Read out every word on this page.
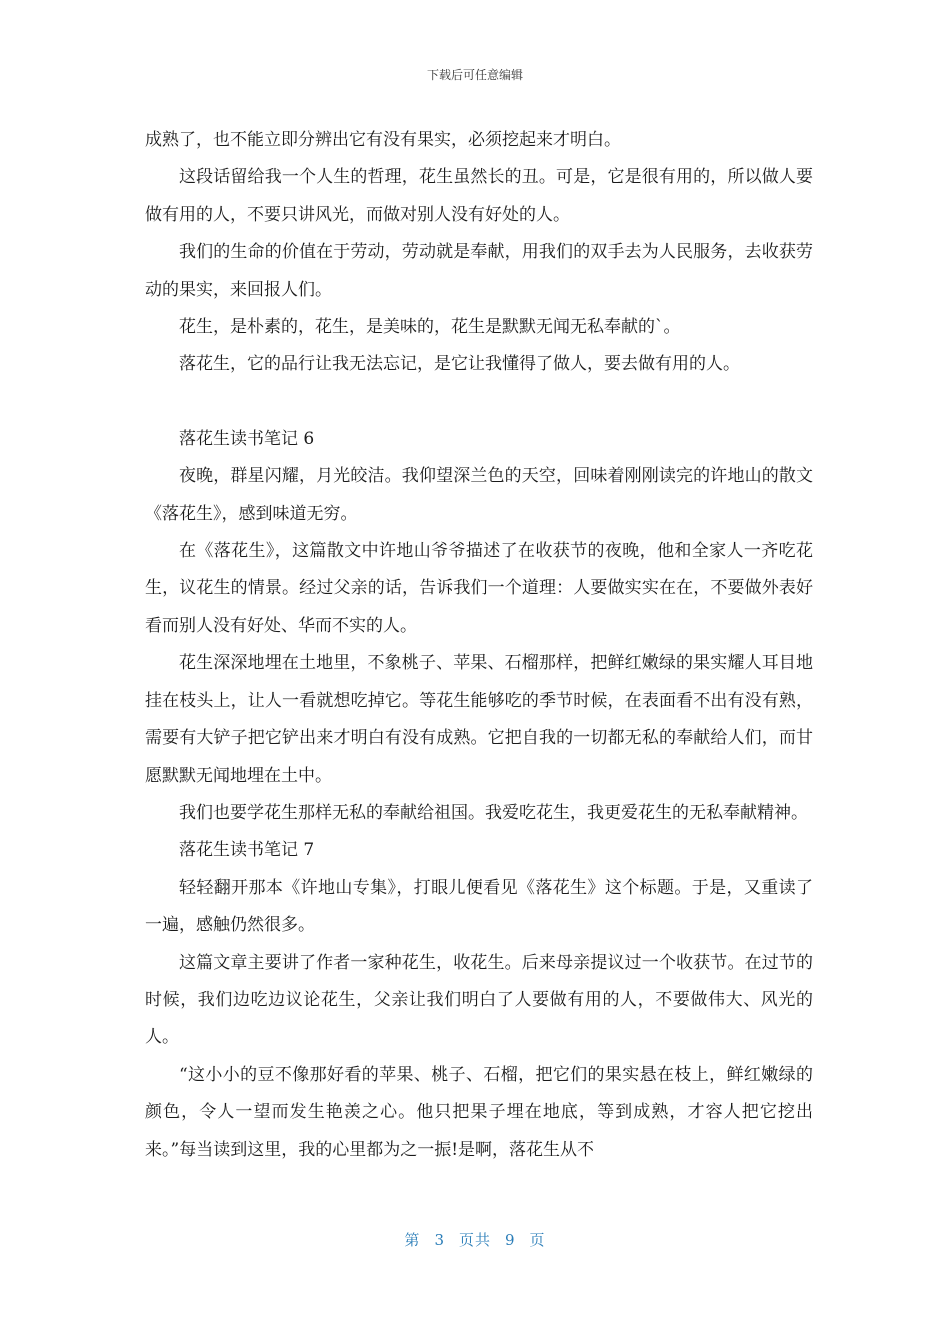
下载后可任意编辑

成熟了，也不能立即分辨出它有没有果实，必须挖起来才明白。

这段话留给我一个人生的哲理，花生虽然长的丑。可是，它是很有用的，所以做人要做有用的人，不要只讲风光，而做对别人没有好处的人。

我们的生命的价值在于劳动，劳动就是奉献，用我们的双手去为人民服务，去收获劳动的果实，来回报人们。

花生，是朴素的，花生，是美味的，花生是默默无闻无私奉献的`。

落花生，它的品行让我无法忘记，是它让我懂得了做人，要去做有用的人。

落花生读书笔记 6

夜晚，群星闪耀，月光皎洁。我仰望深兰色的天空，回味着刚刚读完的许地山的散文《落花生》，感到味道无穷。

在《落花生》，这篇散文中许地山爷爷描述了在收获节的夜晚，他和全家人一齐吃花生，议花生的情景。经过父亲的话，告诉我们一个道理：人要做实实在在，不要做外表好看而别人没有好处、华而不实的人。

花生深深地埋在土地里，不象桃子、苹果、石榴那样，把鲜红嫩绿的果实耀人耳目地挂在枝头上，让人一看就想吃掉它。等花生能够吃的季节时候，在表面看不出有没有熟，需要有大铲子把它铲出来才明白有没有成熟。它把自我的一切都无私的奉献给人们，而甘愿默默无闻地埋在土中。

我们也要学花生那样无私的奉献给祖国。我爱吃花生，我更爱花生的无私奉献精神。

落花生读书笔记 7

轻轻翻开那本《许地山专集》，打眼儿便看见《落花生》这个标题。于是，又重读了一遍，感触仍然很多。

这篇文章主要讲了作者一家种花生，收花生。后来母亲提议过一个收获节。在过节的时候，我们边吃边议论花生，父亲让我们明白了人要做有用的人，不要做伟大、风光的人。

“这小小的豆不像那好看的苹果、桃子、石榴，把它们的果实悬在枝上，鲜红嫩绿的颜色，令人一望而发生艳羡之心。他只把果子埋在地底，等到成熟，才容人把它挖出来。”每当读到这里，我的心里都为之一振!是啊，落花生从不

第 3 页共 9 页
